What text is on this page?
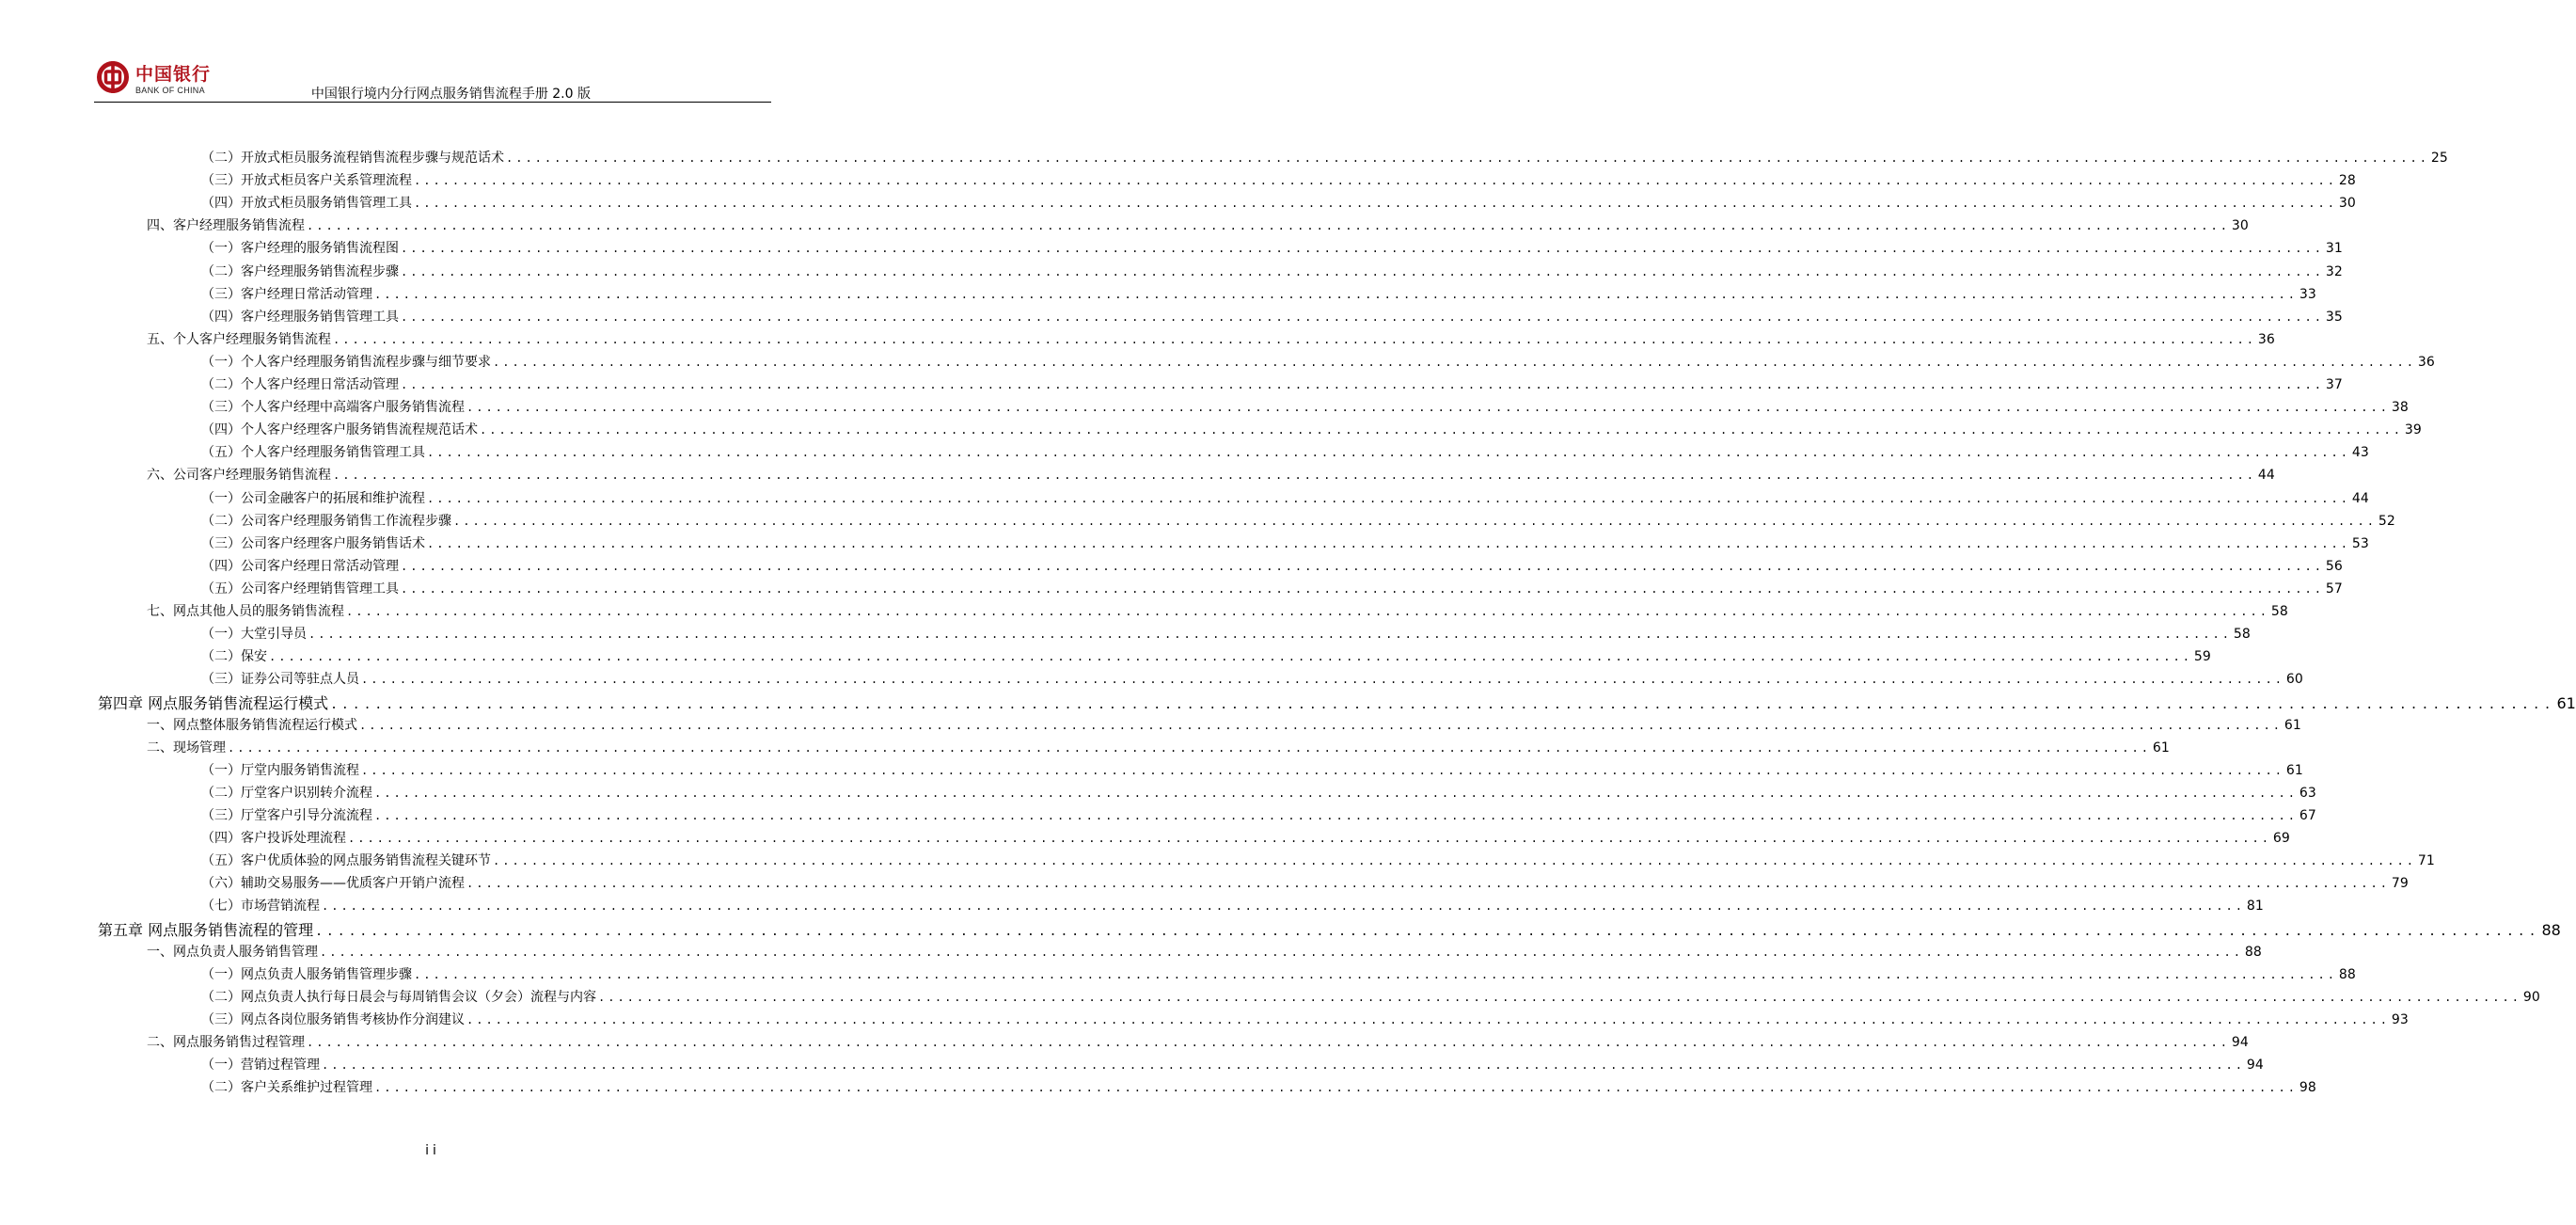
中国银行
BANK OF CHINA	中国银行境内分行网点服务销售流程手册 2.0 版
（二）开放式柜员服务流程销售流程步骤与规范话术 ........................................................................................................................................................................................................ 25
（三）开放式柜员客户关系管理流程 ........................................................................................................................................................................................................ 28
（四）开放式柜员服务销售管理工具 ........................................................................................................................................................................................................ 30
四、客户经理服务销售流程 ........................................................................................................................................................................................................ 30
（一）客户经理的服务销售流程图 ........................................................................................................................................................................................................ 31
（二）客户经理服务销售流程步骤 ........................................................................................................................................................................................................ 32
（三）客户经理日常活动管理 ........................................................................................................................................................................................................ 33
（四）客户经理服务销售管理工具 ........................................................................................................................................................................................................ 35
五、个人客户经理服务销售流程 ........................................................................................................................................................................................................ 36
（一）个人客户经理服务销售流程步骤与细节要求 ........................................................................................................................................................................................................ 36
（二）个人客户经理日常活动管理 ........................................................................................................................................................................................................ 37
（三）个人客户经理中高端客户服务销售流程 ........................................................................................................................................................................................................ 38
（四）个人客户经理客户服务销售流程规范话术 ........................................................................................................................................................................................................ 39
（五）个人客户经理服务销售管理工具 ........................................................................................................................................................................................................ 43
六、公司客户经理服务销售流程 ........................................................................................................................................................................................................ 44
（一）公司金融客户的拓展和维护流程 ........................................................................................................................................................................................................ 44
（二）公司客户经理服务销售工作流程步骤 ........................................................................................................................................................................................................ 52
（三）公司客户经理客户服务销售话术 ........................................................................................................................................................................................................ 53
（四）公司客户经理日常活动管理 ........................................................................................................................................................................................................ 56
（五）公司客户经理销售管理工具 ........................................................................................................................................................................................................ 57
七、网点其他人员的服务销售流程 ........................................................................................................................................................................................................ 58
（一）大堂引导员 ........................................................................................................................................................................................................ 58
（二）保安 ........................................................................................................................................................................................................ 59
（三）证券公司等驻点人员 ........................................................................................................................................................................................................ 60
第四章 网点服务销售流程运行模式 ........................................................................................................................................................................................................ 61
一、网点整体服务销售流程运行模式 ........................................................................................................................................................................................................ 61
二、现场管理 ........................................................................................................................................................................................................ 61
（一）厅堂内服务销售流程 ........................................................................................................................................................................................................ 61
（二）厅堂客户识别转介流程 ........................................................................................................................................................................................................ 63
（三）厅堂客户引导分流流程 ........................................................................................................................................................................................................ 67
（四）客户投诉处理流程 ........................................................................................................................................................................................................ 69
（五）客户优质体验的网点服务销售流程关键环节 ........................................................................................................................................................................................................ 71
（六）辅助交易服务——优质客户开销户流程 ........................................................................................................................................................................................................ 79
（七）市场营销流程 ........................................................................................................................................................................................................ 81
第五章 网点服务销售流程的管理 ........................................................................................................................................................................................................ 88
一、网点负责人服务销售管理 ........................................................................................................................................................................................................ 88
（一）网点负责人服务销售管理步骤 ........................................................................................................................................................................................................ 88
（二）网点负责人执行每日晨会与每周销售会议（夕会）流程与内容 ........................................................................................................................................................................................................ 90
（三）网点各岗位服务销售考核协作分润建议 ........................................................................................................................................................................................................ 93
二、网点服务销售过程管理 ........................................................................................................................................................................................................ 94
（一）营销过程管理 ........................................................................................................................................................................................................ 94
（二）客户关系维护过程管理 ........................................................................................................................................................................................................ 98
ii
